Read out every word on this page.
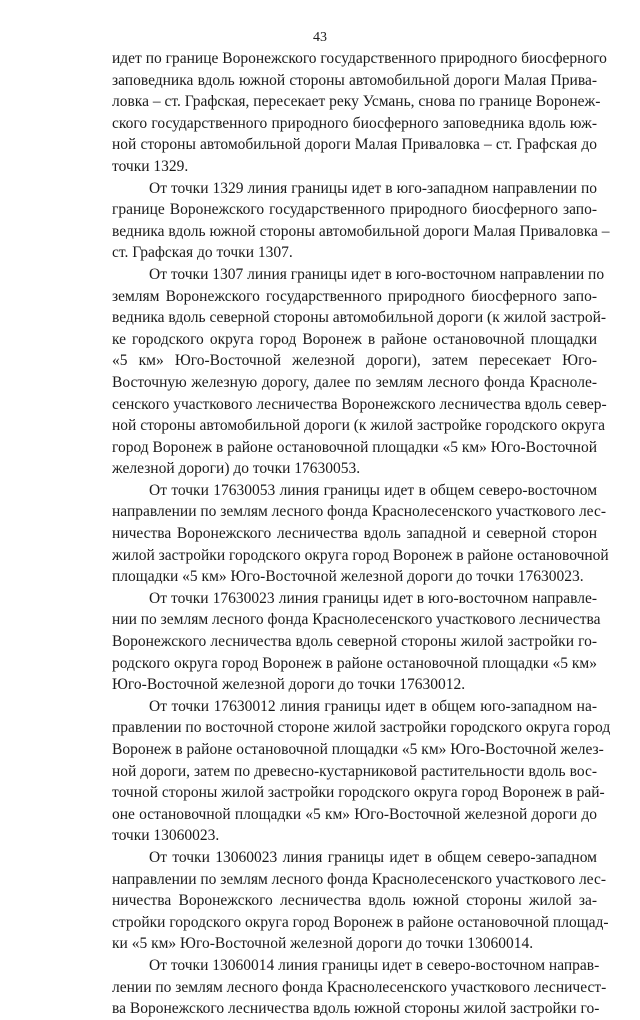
43

идет по границе Воронежского государственного природного биосферного
заповедника вдоль южной стороны автомобильной дороги Малая Прива-
ловка – ст. Графская, пересекает реку Усмань, снова по границе Воронеж-
ского государственного природного биосферного заповедника вдоль юж-
ной стороны автомобильной дороги Малая Приваловка – ст. Графская до
точки 1329.

От точки 1329 линия границы идет в юго-западном направлении по
границе Воронежского государственного природного биосферного запо-
ведника вдоль южной стороны автомобильной дороги Малая Приваловка –
ст. Графская до точки 1307.

От точки 1307 линия границы идет в юго-восточном направлении по
землям Воронежского государственного природного биосферного запо-
ведника вдоль северной стороны автомобильной дороги (к жилой застрой-
ке городского округа город Воронеж в районе остановочной площадки
«5 км» Юго-Восточной железной дороги), затем пересекает Юго-
Восточную железную дорогу, далее по землям лесного фонда Красноле-
сенского участкового лесничества Воронежского лесничества вдоль север-
ной стороны автомобильной дороги (к жилой застройке городского округа
город Воронеж в районе остановочной площадки «5 км» Юго-Восточной
железной дороги) до точки 17630053.

От точки 17630053 линия границы идет в общем северо-восточном
направлении по землям лесного фонда Краснолесенского участкового лес-
ничества Воронежского лесничества вдоль западной и северной сторон
жилой застройки городского округа город Воронеж в районе остановочной
площадки «5 км» Юго-Восточной железной дороги до точки 17630023.

От точки 17630023 линия границы идет в юго-восточном направле-
нии по землям лесного фонда Краснолесенского участкового лесничества
Воронежского лесничества вдоль северной стороны жилой застройки го-
родского округа город Воронеж в районе остановочной площадки «5 км»
Юго-Восточной железной дороги до точки 17630012.

От точки 17630012 линия границы идет в общем юго-западном на-
правлении по восточной стороне жилой застройки городского округа город
Воронеж в районе остановочной площадки «5 км» Юго-Восточной желез-
ной дороги, затем по древесно-кустарниковой растительности вдоль вос-
точной стороны жилой застройки городского округа город Воронеж в рай-
оне остановочной площадки «5 км» Юго-Восточной железной дороги до
точки 13060023.

От точки 13060023 линия границы идет в общем северо-западном
направлении по землям лесного фонда Краснолесенского участкового лес-
ничества Воронежского лесничества вдоль южной стороны жилой за-
стройки городского округа город Воронеж в районе остановочной площад-
ки «5 км» Юго-Восточной железной дороги до точки 13060014.

От точки 13060014 линия границы идет в северо-восточном направ-
лении по землям лесного фонда Краснолесенского участкового лесничест-
ва Воронежского лесничества вдоль южной стороны жилой застройки го-
